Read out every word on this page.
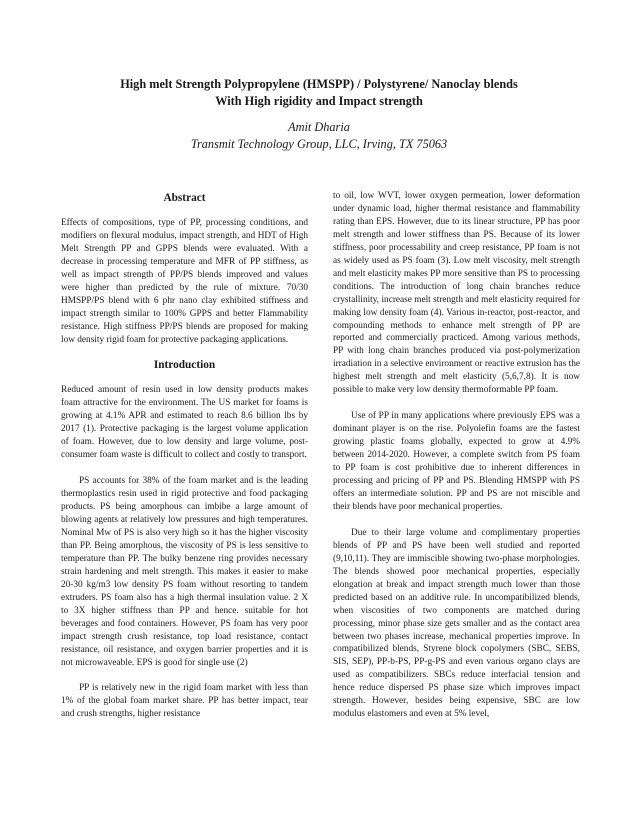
High melt Strength Polypropylene (HMSPP) / Polystyrene/ Nanoclay blends
With High rigidity and Impact strength
Amit Dharia
Transmit Technology Group, LLC, Irving, TX 75063
Abstract

Effects of compositions, type of PP, processing conditions, and modifiers on flexural modulus, impact strength, and HDT of High Melt Strength PP and GPPS blends were evaluated. With a decrease in processing temperature and MFR of PP stiffness, as well as impact strength of PP/PS blends improved and values were higher than predicted by the rule of mixture. 70/30 HMSPP/PS blend with 6 phr nano clay exhibited stiffness and impact strength similar to 100% GPPS and better Flammability resistance. High stiffness PP/PS blends are proposed for making low density rigid foam for protective packaging applications.

Introduction

Reduced amount of resin used in low density products makes foam attractive for the environment. The US market for foams is growing at 4.1% APR and estimated to reach 8.6 billion lbs by 2017 (1). Protective packaging is the largest volume application of foam. However, due to low density and large volume, post-consumer foam waste is difficult to collect and costly to transport.

PS accounts for 38% of the foam market and is the leading thermoplastics resin used in rigid protective and food packaging products. PS being amorphous can imbibe a large amount of blowing agents at relatively low pressures and high temperatures. Nominal Mw of PS is also very high so it has the higher viscosity than PP. Being amorphous, the viscosity of PS is less sensitive to temperature than PP. The bulky benzene ring provides necessary strain hardening and melt strength. This makes it easier to make 20-30 kg/m3 low density PS foam without resorting to tandem extruders. PS foam also has a high thermal insulation value. 2 X to 3X higher stiffness than PP and hence. suitable for hot beverages and food containers. However, PS foam has very poor impact strength crush resistance, top load resistance, contact resistance, oil resistance, and oxygen barrier properties and it is not microwaveable. EPS is good for single use (2)

PP is relatively new in the rigid foam market with less than 1% of the global foam market share. PP has better impact, tear and crush strengths, higher resistance

to oil, low WVT, lower oxygen permeation, lower deformation under dynamic load, higher thermal resistance and flammability rating than EPS. However, due to its linear structure, PP has poor melt strength and lower stiffness than PS. Because of its lower stiffness, poor processability and creep resistance, PP foam is not as widely used as PS foam (3). Low melt viscosity, melt strength and melt elasticity makes PP more sensitive than PS to processing conditions. The introduction of long chain branches reduce crystallinity, increase melt strength and melt elasticity required for making low density foam (4). Various in-reactor, post-reactor, and compounding methods to enhance melt strength of PP are reported and commercially practiced. Among various methods, PP with long chain branches produced via post-polymerization irradiation in a selective environment or reactive extrusion has the highest melt strength and melt elasticity (5,6,7,8). It is now possible to make very low density thermoformable PP foam.

Use of PP in many applications where previously EPS was a dominant player is on the rise. Polyolefin foams are the fastest growing plastic foams globally, expected to grow at 4.9% between 2014-2020. However, a complete switch from PS foam to PP foam is cost prohibitive due to inherent differences in processing and pricing of PP and PS. Blending HMSPP with PS offers an intermediate solution. PP and PS are not miscible and their blends have poor mechanical properties.

Due to their large volume and complimentary properties blends of PP and PS have been well studied and reported (9,10,11). They are immiscible showing two-phase morphologies. The blends showed poor mechanical properties, especially elongation at break and impact strength much lower than those predicted based on an additive rule. In uncompatibilized blends, when viscosities of two components are matched during processing, minor phase size gets smaller and as the contact area between two phases increase, mechanical properties improve. In compatibilized blends, Styrene block copolymers (SBC, SEBS, SIS, SEP), PP-b-PS, PP-g-PS and even various organo clays are used as compatibilizers. SBCs reduce interfacial tension and hence reduce dispersed PS phase size which improves impact strength. However, besides being expensive, SBC are low modulus elastomers and even at 5% level,
